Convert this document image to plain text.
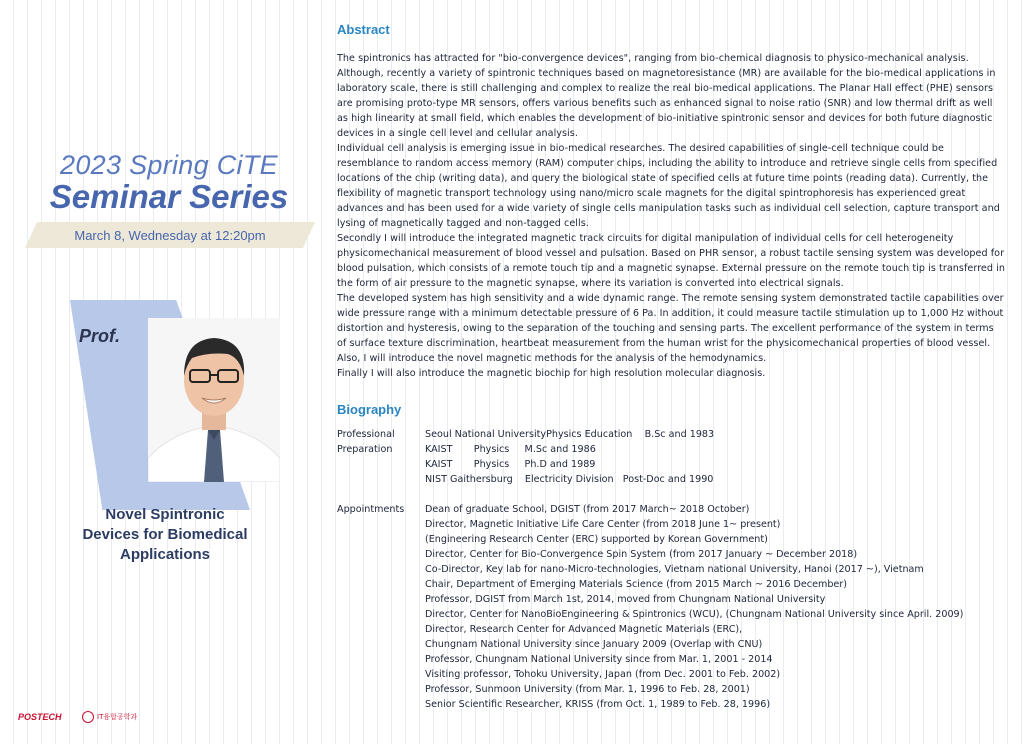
2023 Spring CiTE
Seminar Series
March 8, Wednesday at 12:20pm
Prof.
Novel Spintronic
Devices for Biomedical
Applications
POSTECH	IT융합공학과
Abstract

The spintronics has attracted for "bio-convergence devices", ranging from bio-chemical diagnosis to physico-mechanical analysis. Although, recently a variety of spintronic techniques based on magnetoresistance (MR) are available for the bio-medical applications in laboratory scale, there is still challenging and complex to realize the real bio-medical applications. The Planar Hall effect (PHE) sensors are promising proto-type MR sensors, offers various benefits such as enhanced signal to noise ratio (SNR) and low thermal drift as well as high linearity at small field, which enables the development of bio-initiative spintronic sensor and devices for both future diagnostic devices in a single cell level and cellular analysis.

Individual cell analysis is emerging issue in bio-medical researches. The desired capabilities of single-cell technique could be resemblance to random access memory (RAM) computer chips, including the ability to introduce and retrieve single cells from specified locations of the chip (writing data), and query the biological state of specified cells at future time points (reading data). Currently, the flexibility of magnetic transport technology using nano/micro scale magnets for the digital spintrophoresis has experienced great advances and has been used for a wide variety of single cells manipulation tasks such as individual cell selection, capture transport and lysing of magnetically tagged and non-tagged cells.

Secondly I will introduce the integrated magnetic track circuits for digital manipulation of individual cells for cell heterogeneity physicomechanical measurement of blood vessel and pulsation. Based on PHR sensor, a robust tactile sensing system was developed for blood pulsation, which consists of a remote touch tip and a magnetic synapse. External pressure on the remote touch tip is transferred in the form of air pressure to the magnetic synapse, where its variation is converted into electrical signals.

The developed system has high sensitivity and a wide dynamic range. The remote sensing system demonstrated tactile capabilities over wide pressure range with a minimum detectable pressure of 6 Pa. In addition, it could measure tactile stimulation up to 1,000 Hz without distortion and hysteresis, owing to the separation of the touching and sensing parts. The excellent performance of the system in terms of surface texture discrimination, heartbeat measurement from the human wrist for the physicomechanical properties of blood vessel. Also, I will introduce the novel magnetic methods for the analysis of the hemodynamics.

Finally I will also introduce the magnetic biochip for high resolution molecular diagnosis.

Biography
Professional
Preparation
Seoul National UniversityPhysics Education    B.Sc and 1983
KAIST       Physics     M.Sc and 1986
KAIST       Physics     Ph.D and 1989
NIST Gaithersburg    Electricity Division   Post-Doc and 1990
Appointments	Dean of graduate School, DGIST (from 2017 March~ 2018 October)
Director, Magnetic Initiative Life Care Center (from 2018 June 1~ present)
(Engineering Research Center (ERC) supported by Korean Government)
Director, Center for Bio-Convergence Spin System (from 2017 January ~ December 2018)
Co-Director, Key lab for nano-Micro-technologies, Vietnam national University, Hanoi (2017 ~), Vietnam
Chair, Department of Emerging Materials Science (from 2015 March ~ 2016 December)
Professor, DGIST from March 1st, 2014, moved from Chungnam National University
Director, Center for NanoBioEngineering & Spintronics (WCU), (Chungnam National University since April. 2009)
Director, Research Center for Advanced Magnetic Materials (ERC),
Chungnam National University since January 2009 (Overlap with CNU)
Professor, Chungnam National University since from Mar. 1, 2001 - 2014
Visiting professor, Tohoku University, Japan (from Dec. 2001 to Feb. 2002)
Professor, Sunmoon University (from Mar. 1, 1996 to Feb. 28, 2001)
Senior Scientific Researcher, KRISS (from Oct. 1, 1989 to Feb. 28, 1996)
